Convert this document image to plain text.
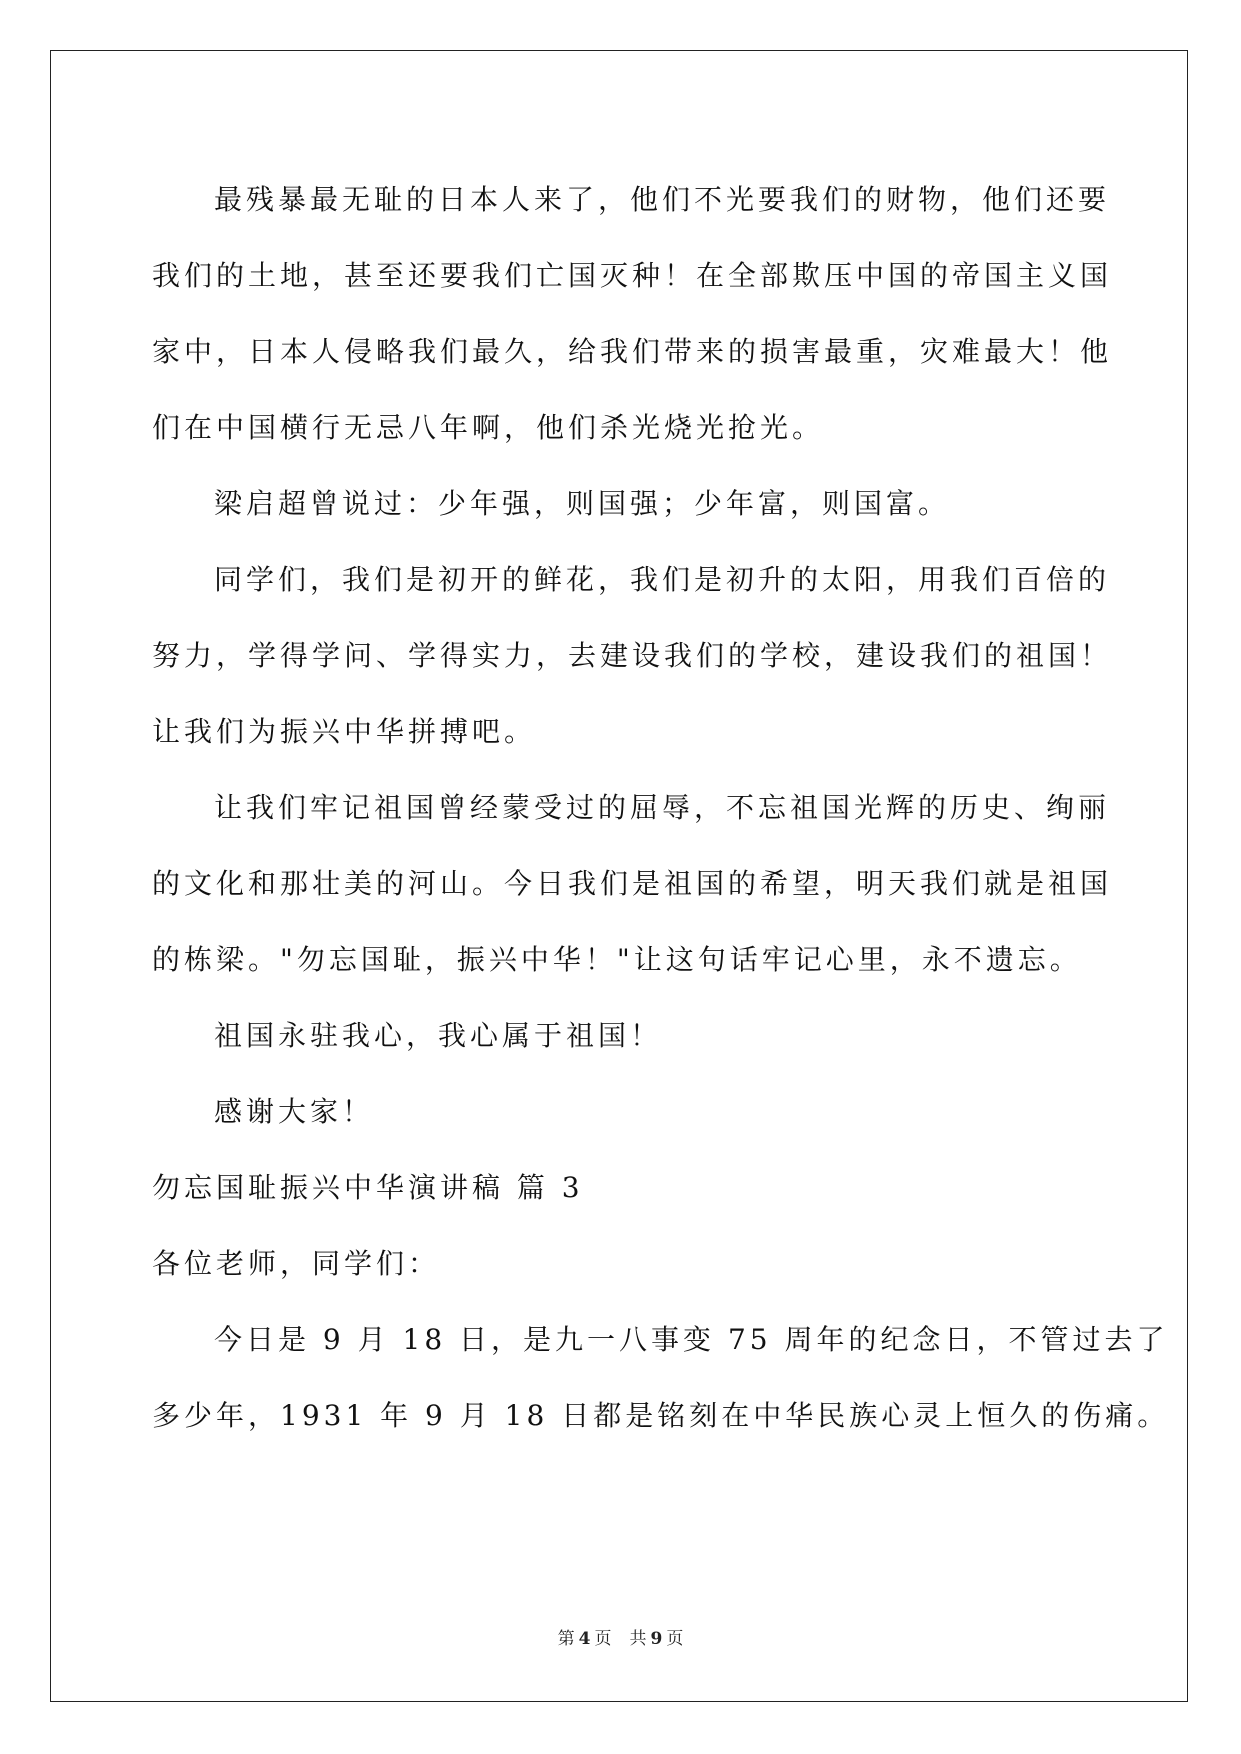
最残暴最无耻的日本人来了，他们不光要我们的财物，他们还要

我们的土地，甚至还要我们亡国灭种！在全部欺压中国的帝国主义国

家中，日本人侵略我们最久，给我们带来的损害最重，灾难最大！他

们在中国横行无忌八年啊，他们杀光烧光抢光。

梁启超曾说过：少年强，则国强；少年富，则国富。

同学们，我们是初开的鲜花，我们是初升的太阳，用我们百倍的

努力，学得学问、学得实力，去建设我们的学校，建设我们的祖国！

让我们为振兴中华拼搏吧。

让我们牢记祖国曾经蒙受过的屈辱，不忘祖国光辉的历史、绚丽

的文化和那壮美的河山。今日我们是祖国的希望，明天我们就是祖国

的栋梁。"勿忘国耻，振兴中华！"让这句话牢记心里，永不遗忘。

祖国永驻我心，我心属于祖国！

感谢大家！

勿忘国耻振兴中华演讲稿 篇 3

各位老师，同学们：

今日是 9 月 18 日，是九一八事变 75 周年的纪念日，不管过去了

多少年，1931 年 9 月 18 日都是铭刻在中华民族心灵上恒久的伤痛。

第 4 页 共 9 页
